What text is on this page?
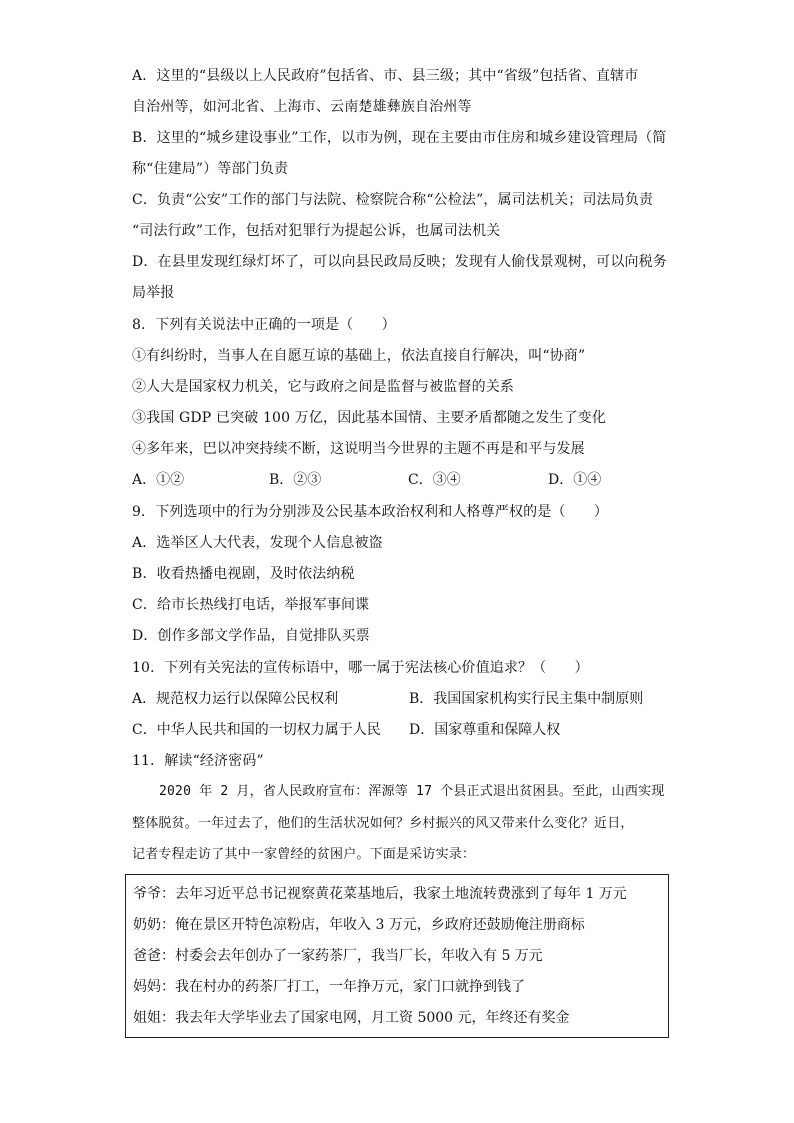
A．这里的“县级以上人民政府”包括省、市、县三级；其中“省级”包括省、直辖市
自治州等，如河北省、上海市、云南楚雄彝族自治州等
B．这里的“城乡建设事业”工作，以市为例，现在主要由市住房和城乡建设管理局（简
称“住建局”）等部门负责
C．负责“公安”工作的部门与法院、检察院合称“公检法”，属司法机关；司法局负责
“司法行政”工作，包括对犯罪行为提起公诉，也属司法机关
D．在县里发现红绿灯坏了，可以向县民政局反映；发现有人偷伐景观树，可以向税务
局举报
8．下列有关说法中正确的一项是（　　）
①有纠纷时，当事人在自愿互谅的基础上，依法直接自行解决，叫“协商”
②人大是国家权力机关，它与政府之间是监督与被监督的关系
③我国 GDP 已突破 100 万亿，因此基本国情、主要矛盾都随之发生了变化
④多年来，巴以冲突持续不断，这说明当今世界的主题不再是和平与发展
A．①②	B．②③	C．③④	D．①④
9．下列选项中的行为分别涉及公民基本政治权利和人格尊严权的是（　　）
A．选举区人大代表，发现个人信息被盗
B．收看热播电视剧，及时依法纳税
C．给市长热线打电话，举报军事间谍
D．创作多部文学作品，自觉排队买票
10．下列有关宪法的宣传标语中，哪一属于宪法核心价值追求？（　　）
A．规范权力运行以保障公民权利	B．我国国家机构实行民主集中制原则
C．中华人民共和国的一切权力属于人民 D．国家尊重和保障人权
11．解读“经济密码”
2020 年 2 月，省人民政府宣布：浑源等 17 个县正式退出贫困县。至此，山西实现
整体脱贫。一年过去了，他们的生活状况如何？乡村振兴的风又带来什么变化？近日，
记者专程走访了其中一家曾经的贫困户。下面是采访实录：
爷爷：去年习近平总书记视察黄花菜基地后，我家土地流转费涨到了每年 1 万元
奶奶：俺在景区开特色凉粉店，年收入 3 万元，乡政府还鼓励俺注册商标
爸爸：村委会去年创办了一家药茶厂，我当厂长，年收入有 5 万元
妈妈：我在村办的药茶厂打工，一年挣万元，家门口就挣到钱了
姐姐：我去年大学毕业去了国家电网，月工资 5000 元，年终还有奖金
